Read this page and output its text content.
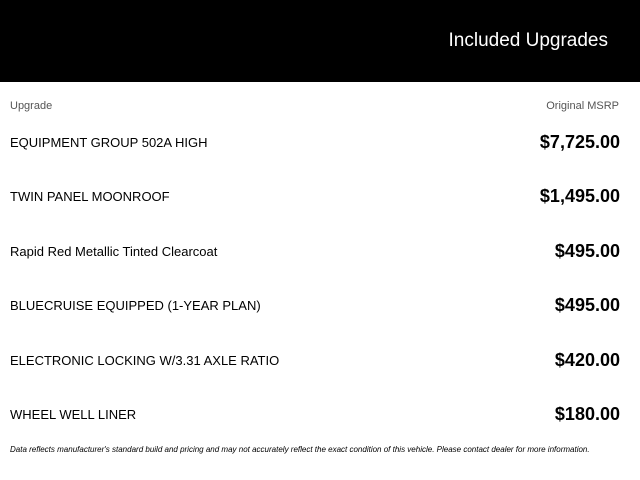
Included Upgrades
Upgrade	Original MSRP
EQUIPMENT GROUP 502A HIGH	$7,725.00
TWIN PANEL MOONROOF	$1,495.00
Rapid Red Metallic Tinted Clearcoat	$495.00
BLUECRUISE EQUIPPED (1-YEAR PLAN)	$495.00
ELECTRONIC LOCKING W/3.31 AXLE RATIO	$420.00
WHEEL WELL LINER	$180.00
Data reflects manufacturer's standard build and pricing and may not accurately reflect the exact condition of this vehicle. Please contact dealer for more information.
